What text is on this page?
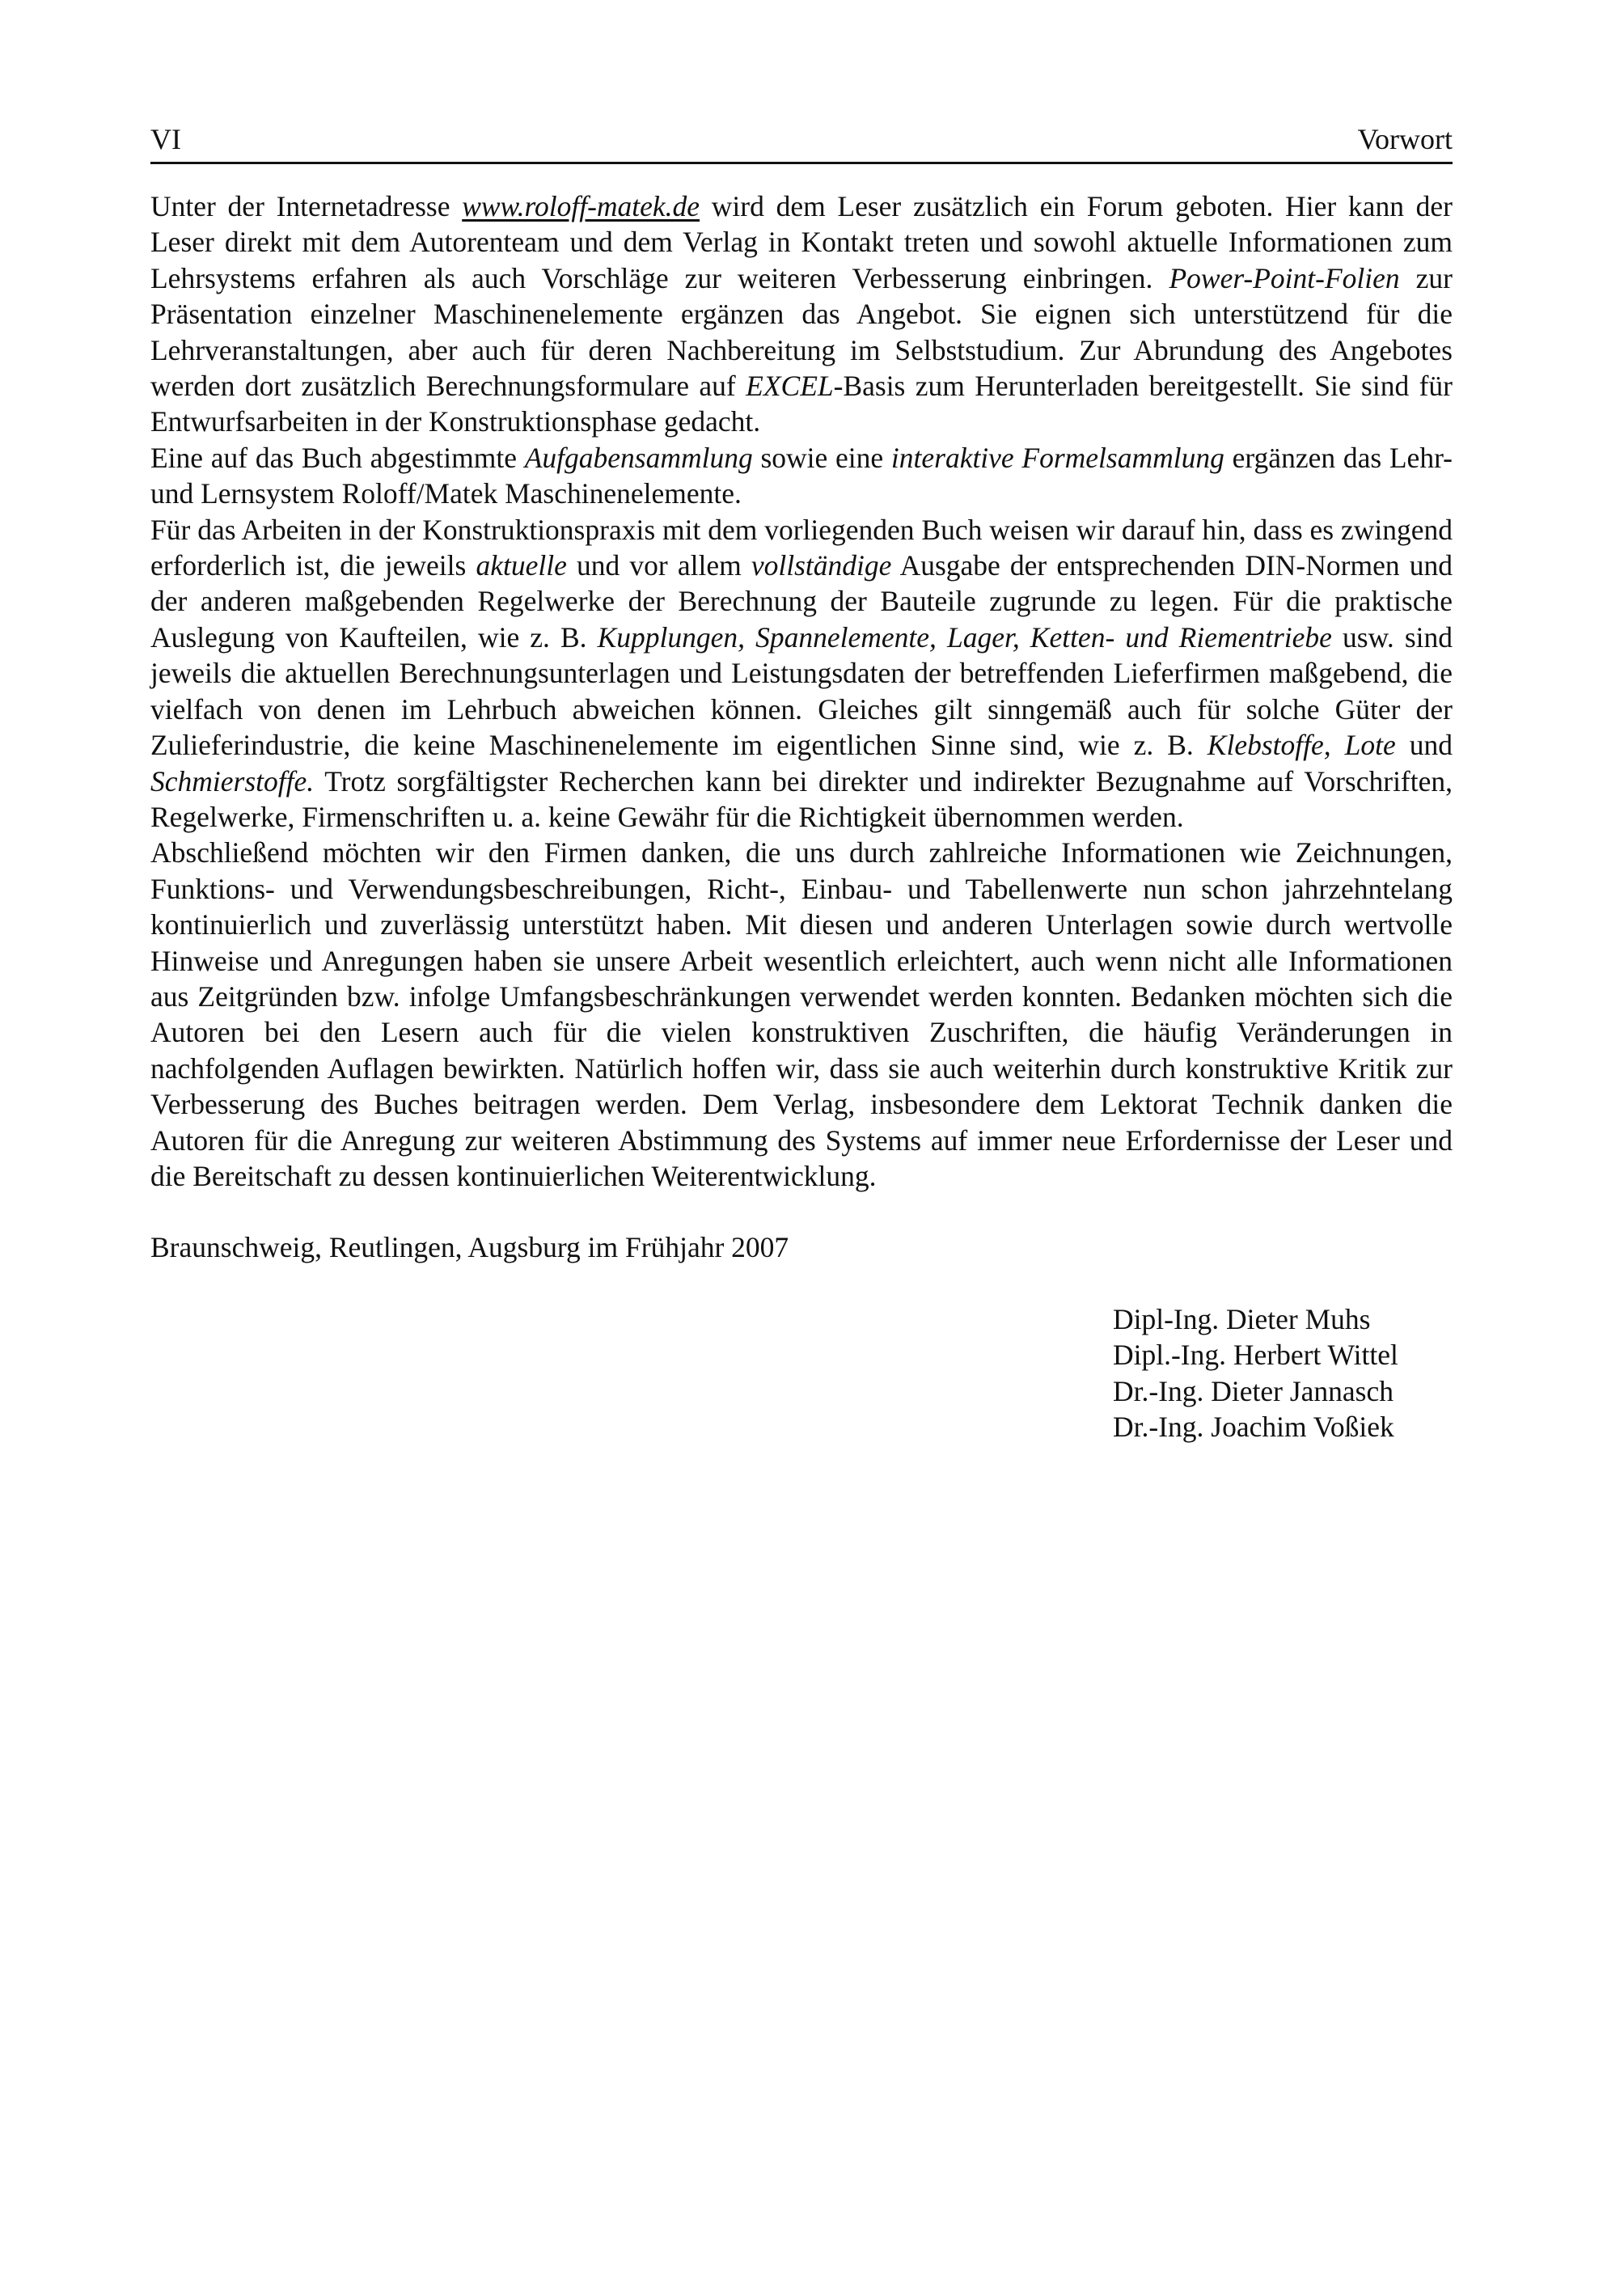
VI	Vorwort

Unter der Internetadresse www.roloff-matek.de wird dem Leser zusätzlich ein Forum geboten. Hier kann der Leser direkt mit dem Autorenteam und dem Verlag in Kontakt treten und sowohl aktuelle Informationen zum Lehrsystems erfahren als auch Vorschläge zur weiteren Verbesserung einbringen. Power-Point-Folien zur Präsentation einzelner Maschinenelemente ergänzen das Angebot. Sie eignen sich unterstützend für die Lehrveranstaltungen, aber auch für deren Nachbereitung im Selbststudium. Zur Abrundung des Angebotes werden dort zusätzlich Berechnungsformulare auf EXCEL-Basis zum Herunterladen bereitgestellt. Sie sind für Entwurfsarbeiten in der Konstruktionsphase gedacht.

Eine auf das Buch abgestimmte Aufgabensammlung sowie eine interaktive Formelsammlung ergänzen das Lehr- und Lernsystem Roloff/Matek Maschinenelemente.

Für das Arbeiten in der Konstruktionspraxis mit dem vorliegenden Buch weisen wir darauf hin, dass es zwingend erforderlich ist, die jeweils aktuelle und vor allem vollständige Ausgabe der entsprechenden DIN-Normen und der anderen maßgebenden Regelwerke der Berechnung der Bauteile zugrunde zu legen. Für die praktische Auslegung von Kaufteilen, wie z. B. Kupplungen, Spannelemente, Lager, Ketten- und Riementriebe usw. sind jeweils die aktuellen Berechnungsunterlagen und Leistungsdaten der betreffenden Lieferfirmen maßgebend, die vielfach von denen im Lehrbuch abweichen können. Gleiches gilt sinngemäß auch für solche Güter der Zulieferindustrie, die keine Maschinenelemente im eigentlichen Sinne sind, wie z. B. Klebstoffe, Lote und Schmierstoffe. Trotz sorgfältigster Recherchen kann bei direkter und indirekter Bezugnahme auf Vorschriften, Regelwerke, Firmenschriften u. a. keine Gewähr für die Richtigkeit übernommen werden.

Abschließend möchten wir den Firmen danken, die uns durch zahlreiche Informationen wie Zeichnungen, Funktions- und Verwendungsbeschreibungen, Richt-, Einbau- und Tabellenwerte nun schon jahrzehntelang kontinuierlich und zuverlässig unterstützt haben. Mit diesen und anderen Unterlagen sowie durch wertvolle Hinweise und Anregungen haben sie unsere Arbeit wesentlich erleichtert, auch wenn nicht alle Informationen aus Zeitgründen bzw. infolge Umfangsbeschränkungen verwendet werden konnten. Bedanken möchten sich die Autoren bei den Lesern auch für die vielen konstruktiven Zuschriften, die häufig Veränderungen in nachfolgenden Auflagen bewirkten. Natürlich hoffen wir, dass sie auch weiterhin durch konstruktive Kritik zur Verbesserung des Buches beitragen werden. Dem Verlag, insbesondere dem Lektorat Technik danken die Autoren für die Anregung zur weiteren Abstimmung des Systems auf immer neue Erfordernisse der Leser und die Bereitschaft zu dessen kontinuierlichen Weiterentwicklung.

Braunschweig, Reutlingen, Augsburg im Frühjahr 2007
Dipl-Ing. Dieter Muhs
Dipl.-Ing. Herbert Wittel
Dr.-Ing. Dieter Jannasch
Dr.-Ing. Joachim Voßiek
